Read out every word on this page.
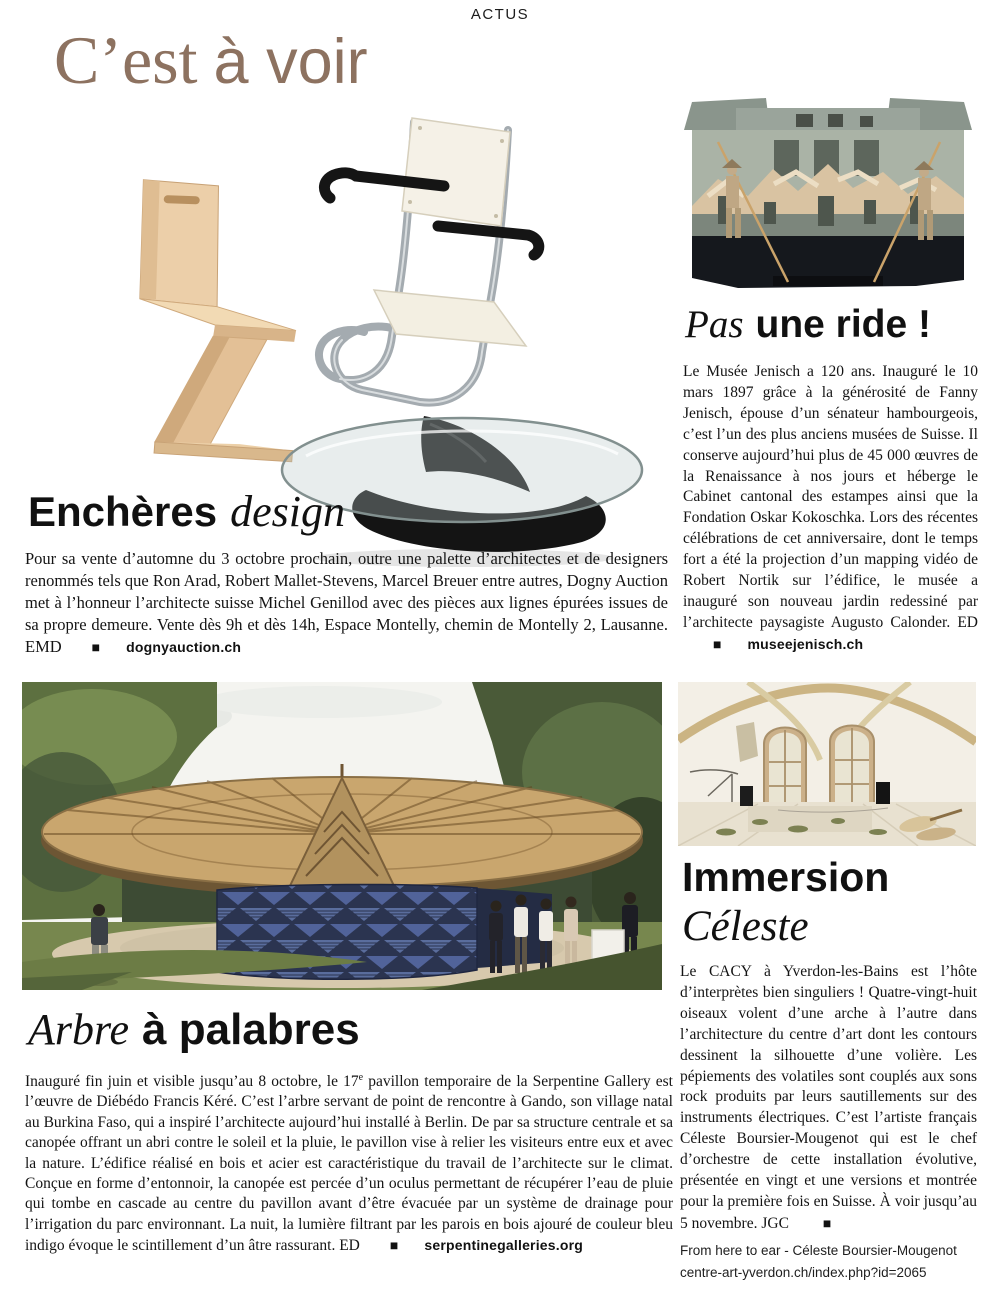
ACTUS
C’est à voir
Enchères design

Pour sa vente d’automne du 3 octobre prochain, outre une palette d’architectes et de designers renommés tels que Ron Arad, Robert Mallet-Stevens, Marcel Breuer entre autres, Dogny Auction met à l’honneur l’architecte suisse Michel Genillod avec des pièces aux lignes épurées issues de sa propre demeure. Vente dès 9h et dès 14h, Espace Montelly, chemin de Montelly 2, Lausanne. EMD ■ dognyauction.ch

Pas une ride !

Le Musée Jenisch a 120 ans. Inauguré le 10 mars 1897 grâce à la générosité de Fanny Jenisch, épouse d’un sénateur hambourgeois, c’est l’un des plus anciens musées de Suisse. Il conserve aujourd’hui plus de 45 000 œuvres de la Renaissance à nos jours et héberge le Cabinet cantonal des estampes ainsi que la Fondation Oskar Kokoschka. Lors des récentes célébrations de cet anniversaire, dont le temps fort a été la projection d’un mapping vidéo de Robert Nortik sur l’édifice, le musée a inauguré son nouveau jardin redessiné par l’architecte paysagiste Augusto Calonder. ED■ museejenisch.ch

Arbre à palabres

Inauguré fin juin et visible jusqu’au 8 octobre, le 17e pavillon temporaire de la Serpentine Gallery est l’œuvre de Diébédo Francis Kéré. C’est l’arbre servant de point de rencontre à Gando, son village natal au Burkina Faso, qui a inspiré l’architecte aujourd’hui installé à Berlin. De par sa structure centrale et sa canopée offrant un abri contre le soleil et la pluie, le pavillon vise à relier les visiteurs entre eux et avec la nature. L’édifice réalisé en bois et acier est caractéristique du travail de l’architecte sur le climat. Conçue en forme d’entonnoir, la canopée est percée d’un oculus permettant de récupérer l’eau de pluie qui tombe en cascade au centre du pavillon avant d’être évacuée par un système de drainage pour l’irrigation du parc environnant. La nuit, la lumière filtrant par les parois en bois ajouré de couleur bleu indigo évoque le scintillement d’un âtre rassurant. ED ■ serpentinegalleries.org

Immersion
Céleste

Le CACY à Yverdon-les-Bains est l’hôte d’interprètes bien singuliers ! Quatre-vingt-huit oiseaux volent d’une arche à l’autre dans l’architecture du centre d’art dont les contours dessinent la silhouette d’une volière. Les pépiements des volatiles sont couplés aux sons rock produits par leurs sautillements sur des instruments électriques. C’est l’artiste français Céleste Boursier-Mougenot qui est le chef d’orchestre de cette installation évolutive, présentée en vingt et une versions et montrée pour la première fois en Suisse. À voir jusqu’au 5 novembre. JGC ■

From here to ear - Céleste Boursier-Mougenot
centre-art-yverdon.ch/index.php?id=2065
